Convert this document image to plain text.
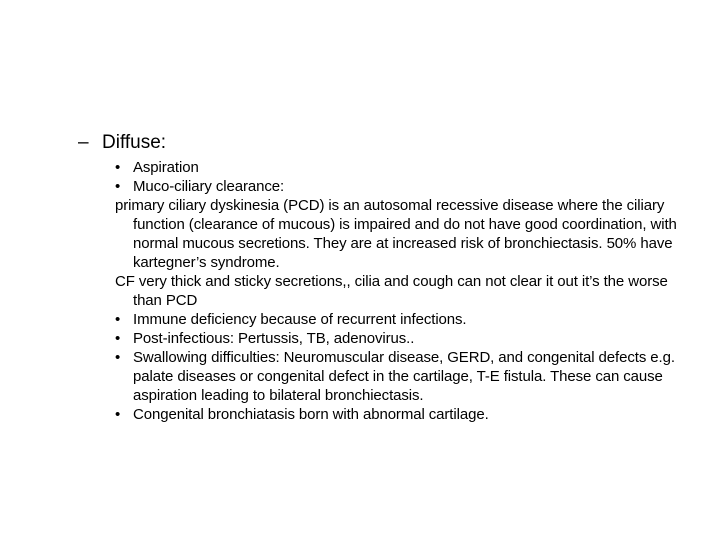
– Diffuse:

• Aspiration

• Muco-ciliary clearance:

primary ciliary dyskinesia (PCD) is an autosomal recessive disease where the ciliary function (clearance of mucous) is impaired and do not have good coordination, with normal mucous secretions. They are at increased risk of bronchiectasis. 50% have kartegner’s syndrome.

CF very thick and sticky secretions,, cilia and cough can not clear it out it’s the worse than PCD

• Immune deficiency because of recurrent infections.

• Post-infectious: Pertussis, TB, adenovirus..

• Swallowing difficulties: Neuromuscular disease, GERD, and congenital defects e.g. palate diseases or congenital defect in the cartilage, T-E fistula. These can cause aspiration leading to bilateral bronchiectasis.

• Congenital bronchiatasis born with abnormal cartilage.
